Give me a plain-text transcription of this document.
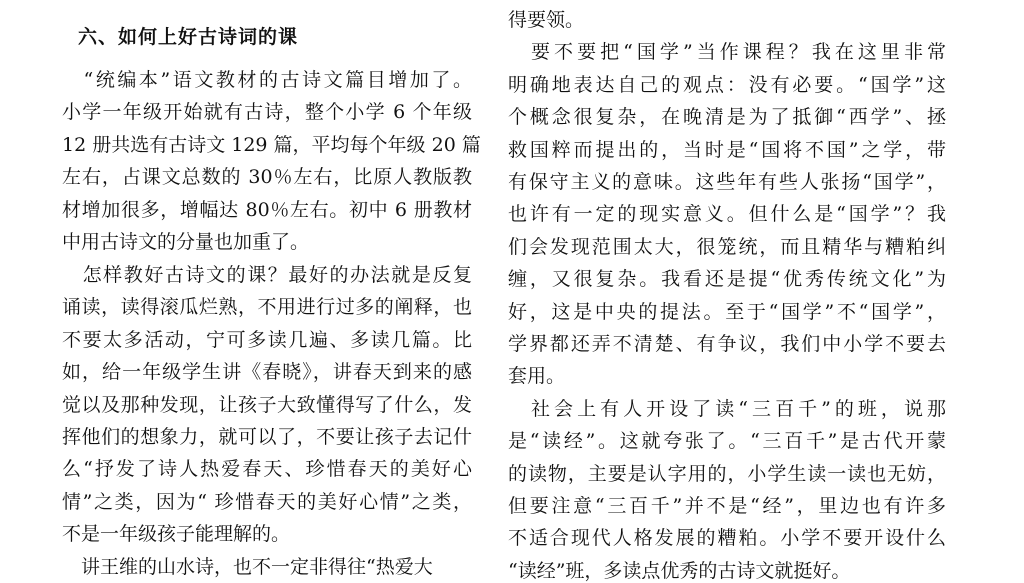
六、如何上好古诗词的课
　“统编本”语文教材的古诗文篇目增加了。
小学一年级开始就有古诗，整个小学 6 个年级
12 册共选有古诗文 129 篇，平均每个年级 20 篇
左右，占课文总数的 30％左右，比原人教版教
材增加很多，增幅达 80％左右。初中 6 册教材
中用古诗文的分量也加重了。
　怎样教好古诗文的课？最好的办法就是反复
诵读，读得滚瓜烂熟，不用进行过多的阐释，也
不要太多活动，宁可多读几遍、多读几篇。比
如，给一年级学生讲《春晓》，讲春天到来的感
觉以及那种发现，让孩子大致懂得写了什么，发
挥他们的想象力，就可以了，不要让孩子去记什
么“抒发了诗人热爱春天、珍惜春天的美好心
情”之类，因为“ 珍惜春天的美好心情”之类，
不是一年级孩子能理解的。
　讲王维的山水诗，也不一定非得往“热爱大
得要领。
　要不要把“国学”当作课程？我在这里非常
明确地表达自己的观点：没有必要。“国学”这
个概念很复杂，在晚清是为了抵御“西学”、拯
救国粹而提出的，当时是“国将不国”之学，带
有保守主义的意味。这些年有些人张扬“国学”，
也许有一定的现实意义。但什么是“国学”？我
们会发现范围太大，很笼统，而且精华与糟粕纠
缠，又很复杂。我看还是提“优秀传统文化”为
好，这是中央的提法。至于“国学”不“国学”，
学界都还弄不清楚、有争议，我们中小学不要去
套用。
　社会上有人开设了读“三百千”的班，说那
是“读经”。这就夸张了。“三百千”是古代开蒙
的读物，主要是认字用的，小学生读一读也无妨，
但要注意“三百千”并不是“经”，里边也有许多
不适合现代人格发展的糟粕。小学不要开设什么
“读经”班，多读点优秀的古诗文就挺好。
